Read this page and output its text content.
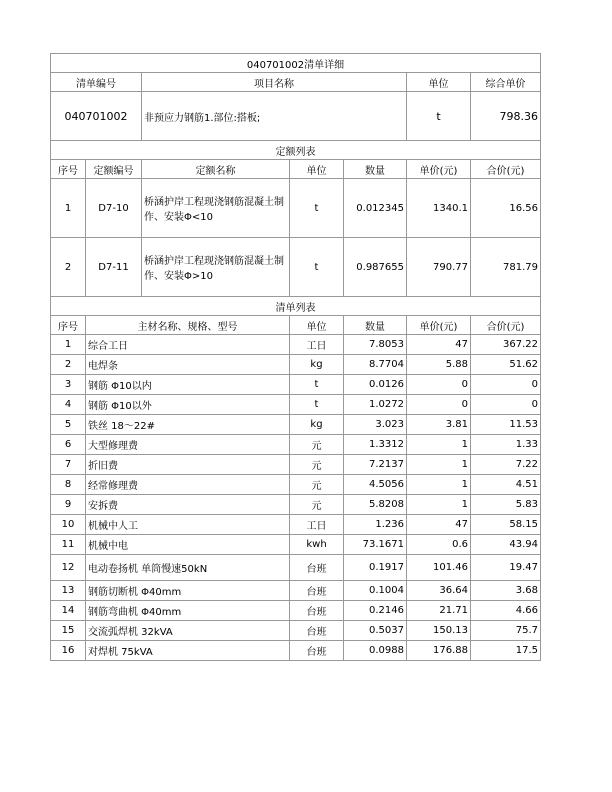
040701002清单详细						
清单编号		项目名称			单位	综合单价
040701002		非预应力钢筋1.部位:搭板;			t	798.36
定额列表						
序号	定额编号	定额名称	单位	数量	单价(元)	合价(元)
1	D7-10	桥涵护岸工程现浇钢筋混凝土制作、安装Φ<10	t	0.012345	1340.1	16.56
2	D7-11	桥涵护岸工程现浇钢筋混凝土制作、安装Φ>10	t	0.987655	790.77	781.79
清单列表						
序号	主材名称、规格、型号		单位	数量	单价(元)	合价(元)
1	综合工日		工日	7.8053	47	367.22
2	电焊条		kg	8.7704	5.88	51.62
3	钢筋 Φ10以内		t	0.0126	0	0
4	钢筋 Φ10以外		t	1.0272	0	0
5	铁丝 18～22#		kg	3.023	3.81	11.53
6	大型修理费		元	1.3312	1	1.33
7	折旧费		元	7.2137	1	7.22
8	经常修理费		元	4.5056	1	4.51
9	安拆费		元	5.8208	1	5.83
10	机械中人工		工日	1.236	47	58.15
11	机械中电		kwh	73.1671	0.6	43.94
12	电动卷扬机 单筒慢速50kN		台班	0.1917	101.46	19.47
13	钢筋切断机 Φ40mm		台班	0.1004	36.64	3.68
14	钢筋弯曲机 Φ40mm		台班	0.2146	21.71	4.66
15	交流弧焊机 32kVA		台班	0.5037	150.13	75.7
16	对焊机 75kVA		台班	0.0988	176.88	17.5
